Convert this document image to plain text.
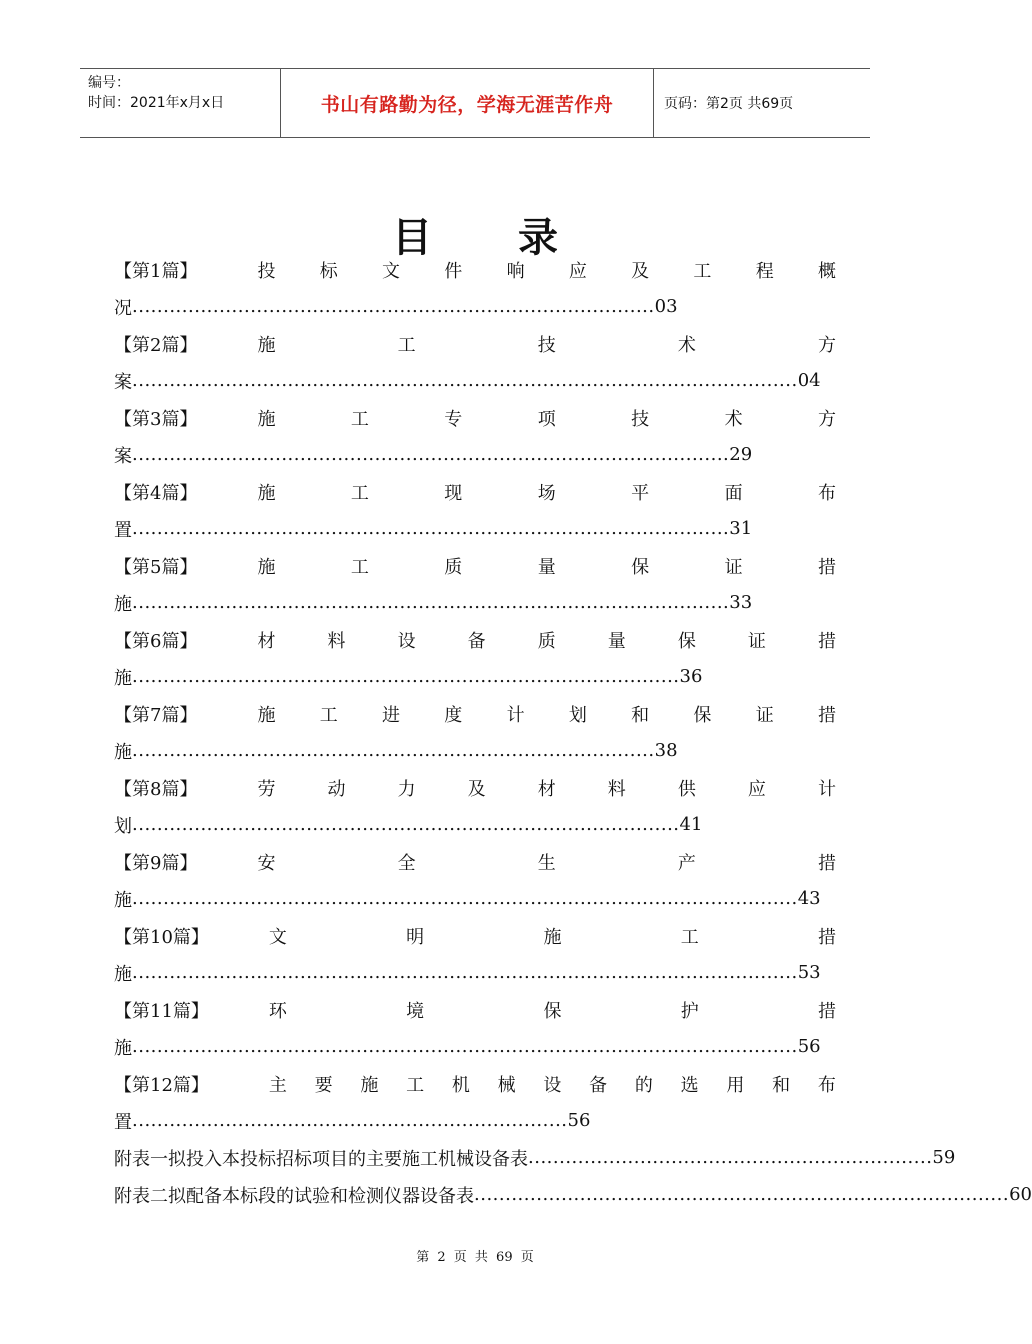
编号：
时间：2021年x月x日	书山有路勤为径，学海无涯苦作舟	页码：第2页 共69页
目 录
【第1篇】	投 标 文 件 响 应 及 工 程 概
况 .................................................................................... 03
【第2篇】	施	工	技	术	方
案 ........................................................................................................... 04
【第3篇】	施	工	专	项	技	术	方
案 ................................................................................................ 29
【第4篇】	施	工	现	场	平	面	布
置 ................................................................................................ 31
【第5篇】	施	工	质	量	保	证	措
施 ................................................................................................ 33
【第6篇】	材	料	设	备	质	量	保	证	措
施 ........................................................................................ 36
【第7篇】	施 工 进 度 计 划 和 保 证 措
施 .................................................................................... 38
【第8篇】	劳	动	力	及	材	料	供	应	计
划 ........................................................................................ 41
【第9篇】	安	全	生	产	措
施 ........................................................................................................... 43
【第10篇】	文	明	施	工	措
施 ........................................................................................................... 53
【第11篇】	环	境	保	护	措
施 ........................................................................................................... 56
【第12篇】	主 要 施 工 机 械 设 备 的 选 用 和 布
置 ...................................................................... 56
附表一拟投入本投标招标项目的主要施工机械设备表 ................................................................. 59
附表二拟配备本标段的试验和检测仪器设备表 ...................................................................................... 60
第 2 页 共 69 页
